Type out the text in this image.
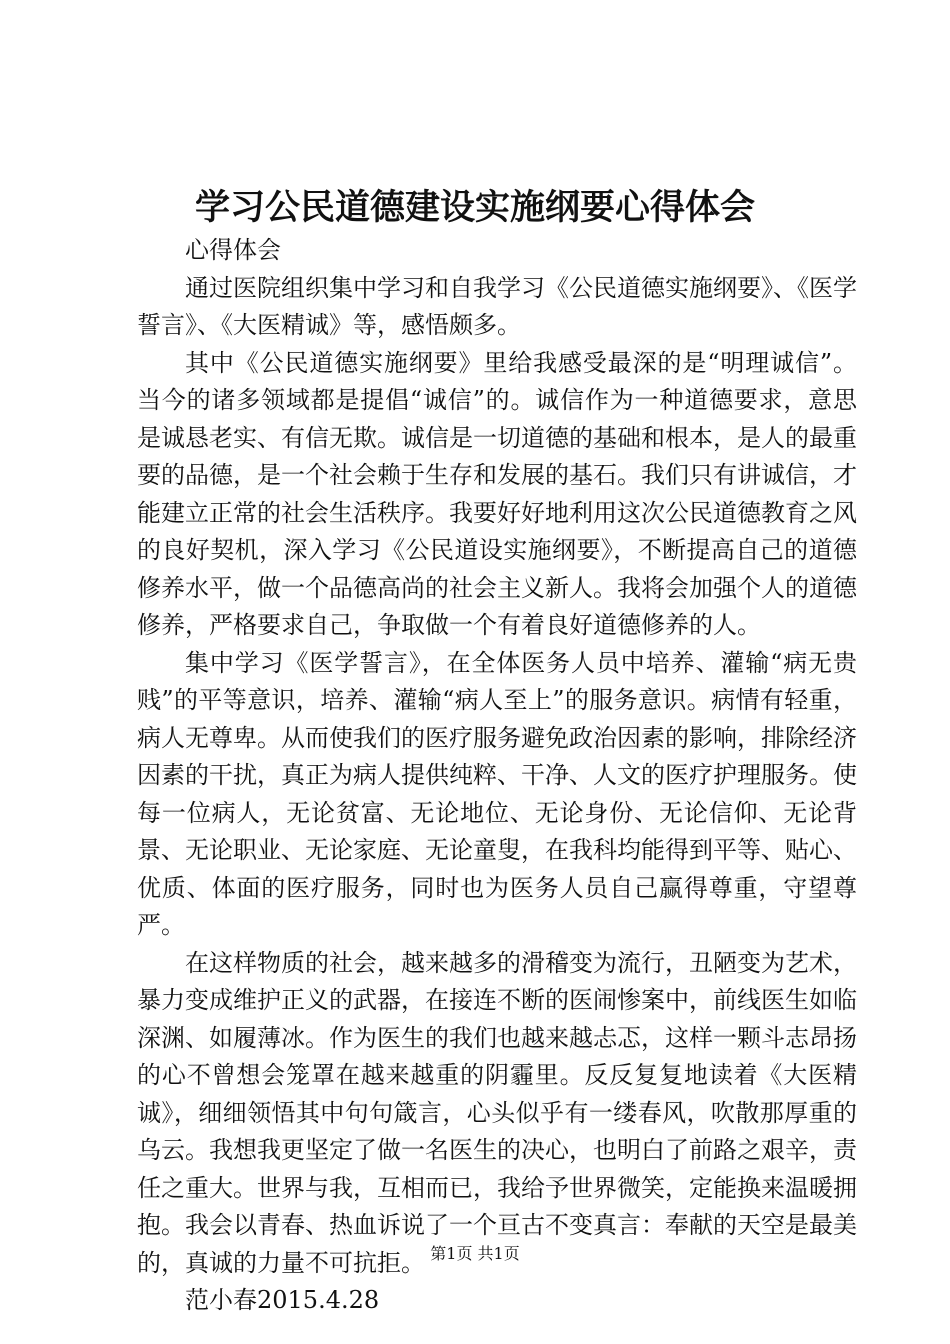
学习公民道德建设实施纲要心得体会

心得体会

通过医院组织集中学习和自我学习《公民道德实施纲要》、《医学誓言》、《大医精诚》等，感悟颇多。

其中《公民道德实施纲要》里给我感受最深的是“明理诚信”。当今的诸多领域都是提倡“诚信”的。诚信作为一种道德要求，意思是诚恳老实、有信无欺。诚信是一切道德的基础和根本，是人的最重要的品德，是一个社会赖于生存和发展的基石。我们只有讲诚信，才能建立正常的社会生活秩序。我要好好地利用这次公民道德教育之风的良好契机，深入学习《公民道设实施纲要》，不断提高自己的道德修养水平，做一个品德高尚的社会主义新人。我将会加强个人的道德修养，严格要求自己，争取做一个有着良好道德修养的人。

集中学习《医学誓言》，在全体医务人员中培养、灌输“病无贵贱”的平等意识，培养、灌输“病人至上”的服务意识。病情有轻重，病人无尊卑。从而使我们的医疗服务避免政治因素的影响，排除经济因素的干扰，真正为病人提供纯粹、干净、人文的医疗护理服务。使每一位病人，无论贫富、无论地位、无论身份、无论信仰、无论背景、无论职业、无论家庭、无论童叟，在我科均能得到平等、贴心、优质、体面的医疗服务，同时也为医务人员自己赢得尊重，守望尊严。

在这样物质的社会，越来越多的滑稽变为流行，丑陋变为艺术，暴力变成维护正义的武器，在接连不断的医闹惨案中，前线医生如临深渊、如履薄冰。作为医生的我们也越来越忐忑，这样一颗斗志昂扬的心不曾想会笼罩在越来越重的阴霾里。反反复复地读着《大医精诚》，细细领悟其中句句箴言，心头似乎有一缕春风，吹散那厚重的乌云。我想我更坚定了做一名医生的决心，也明白了前路之艰辛，责任之重大。世界与我，互相而已，我给予世界微笑，定能换来温暖拥抱。我会以青春、热血诉说了一个亘古不变真言：奉献的天空是最美的，真诚的力量不可抗拒。

范小春2015.4.28

第1页 共1页
